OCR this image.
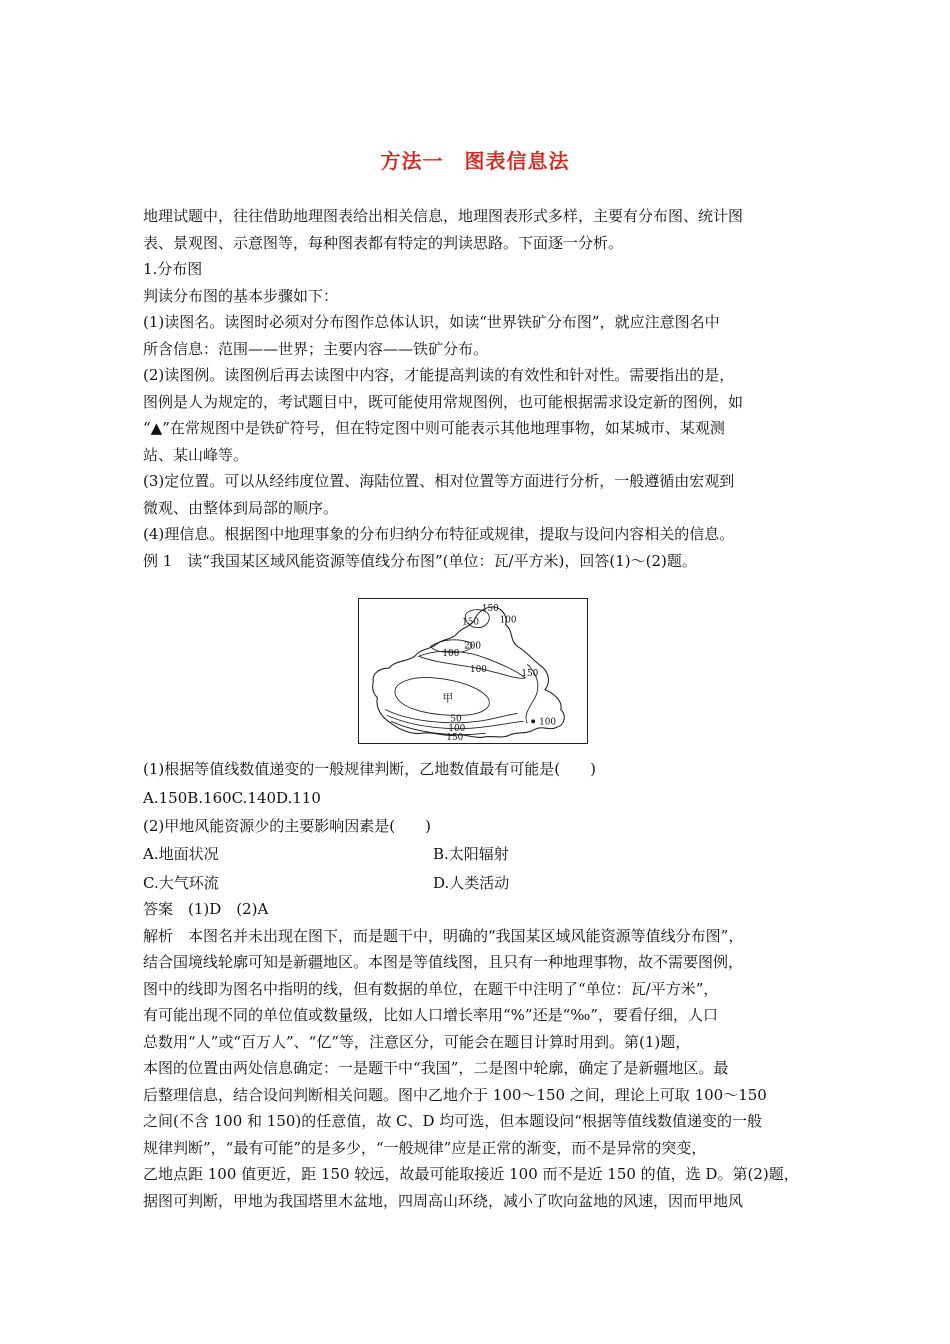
方法一　图表信息法
地理试题中，往往借助地理图表给出相关信息，地理图表形式多样，主要有分布图、统计图
表、景观图、示意图等，每种图表都有特定的判读思路。下面逐一分析。
1.分布图
判读分布图的基本步骤如下：
(1)读图名。读图时必须对分布图作总体认识，如读“世界铁矿分布图”，就应注意图名中
所含信息：范围——世界；主要内容——铁矿分布。
(2)读图例。读图例后再去读图中内容，才能提高判读的有效性和针对性。需要指出的是，
图例是人为规定的，考试题目中，既可能使用常规图例，也可能根据需求设定新的图例，如
“▲”在常规图中是铁矿符号，但在特定图中则可能表示其他地理事物，如某城市、某观测
站、某山峰等。
(3)定位置。可以从经纬度位置、海陆位置、相对位置等方面进行分析，一般遵循由宏观到
微观、由整体到局部的顺序。
(4)理信息。根据图中地理事象的分布归纳分布特征或规律，提取与设问内容相关的信息。
例 1　读“我国某区域风能资源等值线分布图”(单位：瓦/平方米)，回答(1)～(2)题。
150
150 100
200
100
100	150
甲
50
100
150
100
(1)根据等值线数值递变的一般规律判断，乙地数值最有可能是(　　)
A.150B.160C.140D.110
(2)甲地风能资源少的主要影响因素是(　　)
A.地面状况	B.太阳辐射
C.大气环流	D.人类活动
答案　(1)D　(2)A
解析　本图名并未出现在图下，而是题干中，明确的“我国某区域风能资源等值线分布图”，
结合国境线轮廓可知是新疆地区。本图是等值线图，且只有一种地理事物，故不需要图例，
图中的线即为图名中指明的线，但有数据的单位，在题干中注明了“单位：瓦/平方米”，
有可能出现不同的单位值或数量级，比如人口增长率用“%”还是“‰”，要看仔细，人口
总数用“人”或“百万人”、“亿”等，注意区分，可能会在题目计算时用到。第(1)题，
本图的位置由两处信息确定：一是题干中“我国”，二是图中轮廓，确定了是新疆地区。最
后整理信息，结合设问判断相关问题。图中乙地介于 100～150 之间，理论上可取 100～150
之间(不含 100 和 150)的任意值，故 C、D 均可选，但本题设问“根据等值线数值递变的一般
规律判断”，“最有可能”的是多少，“一般规律”应是正常的渐变，而不是异常的突变，
乙地点距 100 值更近，距 150 较远，故最可能取接近 100 而不是近 150 的值，选 D。第(2)题，
据图可判断，甲地为我国塔里木盆地，四周高山环绕，减小了吹向盆地的风速，因而甲地风
